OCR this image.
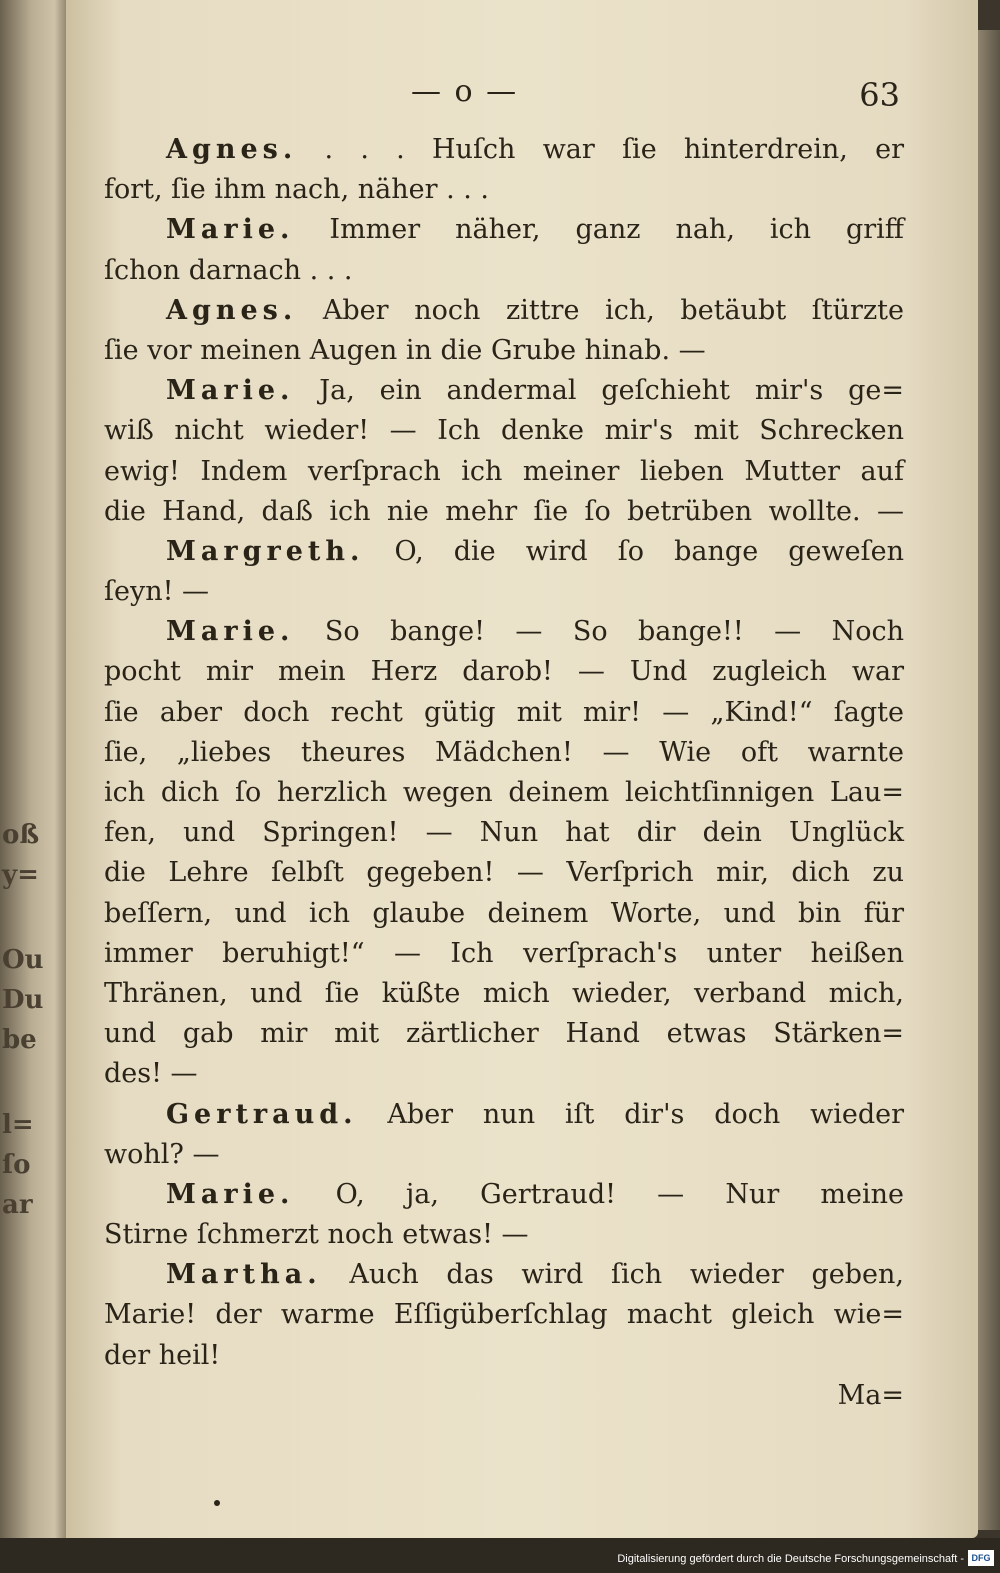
oß
y=
Ou
Du
be
l=
ſo
ar
— o —	63
Agnes. . . . Huſch war ſie hinterdrein, er
fort, ſie ihm nach, näher . . .
Marie. Immer näher, ganz nah, ich griff
ſchon darnach . . .
Agnes. Aber noch zittre ich, betäubt ſtürzte
ſie vor meinen Augen in die Grube hinab. —
Marie. Ja, ein andermal geſchieht mir's ge=
wiß nicht wieder! — Ich denke mir's mit Schrecken
ewig! Indem verſprach ich meiner lieben Mutter auf
die Hand, daß ich nie mehr ſie ſo betrüben wollte. —
Margreth. O, die wird ſo bange geweſen
ſeyn! —
Marie. So bange! — So bange!! — Noch
pocht mir mein Herz darob! — Und zugleich war
ſie aber doch recht gütig mit mir! — „Kind!“ ſagte
ſie, „liebes theures Mädchen! — Wie oft warnte
ich dich ſo herzlich wegen deinem leichtſinnigen Lau=
fen, und Springen! — Nun hat dir dein Unglück
die Lehre ſelbſt gegeben! — Verſprich mir, dich zu
beſſern, und ich glaube deinem Worte, und bin für
immer beruhigt!“ — Ich verſprach's unter heißen
Thränen, und ſie küßte mich wieder, verband mich,
und gab mir mit zärtlicher Hand etwas Stärken=
des! —
Gertraud. Aber nun iſt dir's doch wieder
wohl? —
Marie. O, ja, Gertraud! — Nur meine
Stirne ſchmerzt noch etwas! —
Martha. Auch das wird ſich wieder geben,
Marie! der warme Eſſigüberſchlag macht gleich wie=
der heil!
Ma=
Digitalisierung gefördert durch die Deutsche Forschungsgemeinschaft - DFG
